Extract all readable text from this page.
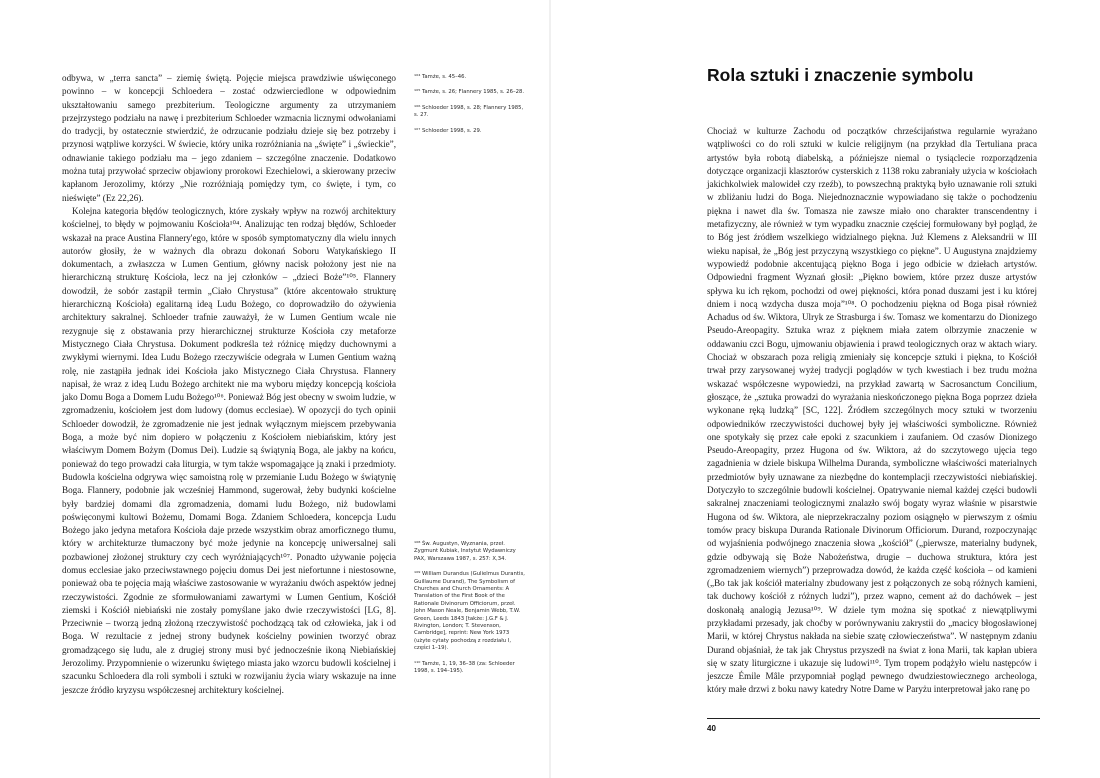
odbywa, w „terra sancta” – ziemię świętą. Pojęcie miejsca prawdziwie uświęconego powinno – w koncepcji Schloedera – zostać odzwierciedlone w odpowiednim ukształtowaniu samego prezbiterium. Teologiczne argumenty za utrzymaniem przejrzystego podziału na nawę i prezbiterium Schloeder wzmacnia licznymi odwołaniami do tradycji, by ostatecznie stwierdzić, że odrzucanie podziału dzieje się bez potrzeby i przynosi wątpliwe korzyści. W świecie, który unika rozróżniania na „święte” i „świeckie”, odnawianie takiego podziału ma – jego zdaniem – szczególne znaczenie. Dodatkowo można tutaj przywołać sprzeciw objawiony prorokowi Ezechielowi, a skierowany przeciw kapłanom Jerozolimy, którzy „Nie rozróżniają pomiędzy tym, co święte, i tym, co nieświęte” (Ez 22,26).

Kolejna kategoria błędów teologicznych, które zyskały wpływ na rozwój architektury kościelnej, to błędy w pojmowaniu Kościoła¹⁰⁴. Analizując ten rodzaj błędów, Schloeder wskazał na prace Austina Flannery'ego, które w sposób symptomatyczny dla wielu innych autorów głosiły, że w ważnych dla obrazu dokonań Soboru Watykańskiego II dokumentach, a zwłaszcza w Lumen Gentium, główny nacisk położony jest nie na hierarchiczną strukturę Kościoła, lecz na jej członków – „dzieci Boże”¹⁰⁵. Flannery dowodził, że sobór zastąpił termin „Ciało Chrystusa” (które akcentowało strukturę hierarchiczną Kościoła) egalitarną ideą Ludu Bożego, co doprowadziło do ożywienia architektury sakralnej. Schloeder trafnie zauważył, że w Lumen Gentium wcale nie rezygnuje się z obstawania przy hierarchicznej strukturze Kościoła czy metaforze Mistycznego Ciała Chrystusa. Dokument podkreśla też różnicę między duchownymi a zwykłymi wiernymi. Idea Ludu Bożego rzeczywiście odegrała w Lumen Gentium ważną rolę, nie zastąpiła jednak idei Kościoła jako Mistycznego Ciała Chrystusa. Flannery napisał, że wraz z ideą Ludu Bożego architekt nie ma wyboru między koncepcją kościoła jako Domu Boga a Domem Ludu Bożego¹⁰⁶. Ponieważ Bóg jest obecny w swoim ludzie, w zgromadzeniu, kościołem jest dom ludowy (domus ecclesiae). W opozycji do tych opinii Schloeder dowodził, że zgromadzenie nie jest jednak wyłącznym miejscem przebywania Boga, a może być nim dopiero w połączeniu z Kościołem niebiańskim, który jest właściwym Domem Bożym (Domus Dei). Ludzie są świątynią Boga, ale jakby na końcu, ponieważ do tego prowadzi cała liturgia, w tym także wspomagające ją znaki i przedmioty. Budowla kościelna odgrywa więc samoistną rolę w przemianie Ludu Bożego w świątynię Boga. Flannery, podobnie jak wcześniej Hammond, sugerował, żeby budynki kościelne były bardziej domami dla zgromadzenia, domami ludu Bożego, niż budowlami poświęconymi kultowi Bożemu, Domami Boga. Zdaniem Schloedera, koncepcja Ludu Bożego jako jedyna metafora Kościoła daje przede wszystkim obraz amorficznego tłumu, który w architekturze tłumaczony być może jedynie na koncepcję uniwersalnej sali pozbawionej złożonej struktury czy cech wyróżniających¹⁰⁷. Ponadto używanie pojęcia domus ecclesiae jako przeciwstawnego pojęciu domus Dei jest niefortunne i niestosowne, ponieważ oba te pojęcia mają właściwe zastosowanie w wyrażaniu dwóch aspektów jednej rzeczywistości. Zgodnie ze sformułowaniami zawartymi w Lumen Gentium, Kościół ziemski i Kościół niebiański nie zostały pomyślane jako dwie rzeczywistości [LG, 8]. Przeciwnie – tworzą jedną złożoną rzeczywistość pochodzącą tak od człowieka, jak i od Boga. W rezultacie z jednej strony budynek kościelny powinien tworzyć obraz gromadzącego się ludu, ale z drugiej strony musi być jednocześnie ikoną Niebiańskiej Jerozolimy. Przypomnienie o wizerunku świętego miasta jako wzorcu budowli kościelnej i szacunku Schloedera dla roli symboli i sztuki w rozwijaniu życia wiary wskazuje na inne jeszcze źródło kryzysu współczesnej architektury kościelnej.

¹⁰⁴ Tamże, s. 45–46.

¹⁰⁵ Tamże, s. 26; Flannery 1985, s. 26–28.

¹⁰⁶ Schloeder 1998, s. 28; Flannery 1985, s. 27.

¹⁰⁷ Schloeder 1998, s. 29.

¹⁰⁸ Św. Augustyn, Wyznania, przeł. Zygmunt Kubiak, Instytut Wydawniczy PAX, Warszawa 1987, s. 257: X,34.

¹⁰⁹ William Durandus (Gulielmus Durantis, Guillaume Durand), The Symbolism of Churches and Church Ornaments: A Translation of the First Book of the Rationale Divinorum Officiorum, przeł. John Mason Neale, Benjamin Webb, T.W. Green, Leeds 1843 [także: J.G.F & J. Rivington, London; T. Stevenson, Cambridge], reprint: New York 1973 (użyte cytaty pochodzą z rozdziału I, części 1–19).

¹¹⁰ Tamże, 1, 19, 36–38 (za: Schloeder 1998, s. 194–195).

Rola sztuki i znaczenie symbolu

Chociaż w kulturze Zachodu od początków chrześcijaństwa regularnie wyrażano wątpliwości co do roli sztuki w kulcie religijnym (na przykład dla Tertuliana praca artystów była robotą diabelską, a późniejsze niemal o tysiąclecie rozporządzenia dotyczące organizacji klasztorów cysterskich z 1138 roku zabraniały użycia w kościołach jakichkolwiek malowideł czy rzeźb), to powszechną praktyką było uznawanie roli sztuki w zbliżaniu ludzi do Boga. Niejednoznacznie wypowiadano się także o pochodzeniu piękna i nawet dla św. Tomasza nie zawsze miało ono charakter transcendentny i metafizyczny, ale również w tym wypadku znacznie częściej formułowany był pogląd, że to Bóg jest źródłem wszelkiego widzialnego piękna. Już Klemens z Aleksandrii w III wieku napisał, że „Bóg jest przyczyną wszystkiego co piękne”. U Augustyna znajdziemy wypowiedź podobnie akcentującą piękno Boga i jego odbicie w dziełach artystów. Odpowiedni fragment Wyznań głosił: „Piękno bowiem, które przez dusze artystów spływa ku ich rękom, pochodzi od owej piękności, która ponad duszami jest i ku której dniem i nocą wzdycha dusza moja”¹⁰⁸. O pochodzeniu piękna od Boga pisał również Achadus od św. Wiktora, Ulryk ze Strasburga i św. Tomasz we komentarzu do Dionizego Pseudo-Areopagity. Sztuka wraz z pięknem miała zatem olbrzymie znaczenie w oddawaniu czci Bogu, ujmowaniu objawienia i prawd teologicznych oraz w aktach wiary. Chociaż w obszarach poza religią zmieniały się koncepcje sztuki i piękna, to Kościół trwał przy zarysowanej wyżej tradycji poglądów w tych kwestiach i bez trudu można wskazać współczesne wypowiedzi, na przykład zawartą w Sacrosanctum Concilium, głoszące, że „sztuka prowadzi do wyrażania nieskończonego piękna Boga poprzez dzieła wykonane ręką ludzką” [SC, 122]. Źródłem szczególnych mocy sztuki w tworzeniu odpowiedników rzeczywistości duchowej były jej właściwości symboliczne. Również one spotykały się przez całe epoki z szacunkiem i zaufaniem. Od czasów Dionizego Pseudo-Areopagity, przez Hugona od św. Wiktora, aż do szczytowego ujęcia tego zagadnienia w dziele biskupa Wilhelma Duranda, symboliczne właściwości materialnych przedmiotów były uznawane za niezbędne do kontemplacji rzeczywistości niebiańskiej. Dotyczyło to szczególnie budowli kościelnej. Opatrywanie niemal każdej części budowli sakralnej znaczeniami teologicznymi znalazło swój bogaty wyraz właśnie w pisarstwie Hugona od św. Wiktora, ale nieprzekraczalny poziom osiągnęło w pierwszym z ośmiu tomów pracy biskupa Duranda Rationale Divinorum Officiorum. Durand, rozpoczynając od wyjaśnienia podwójnego znaczenia słowa „kościół” („pierwsze, materialny budynek, gdzie odbywają się Boże Nabożeństwa, drugie – duchowa struktura, która jest zgromadzeniem wiernych”) przeprowadza dowód, że każda część kościoła – od kamieni („Bo tak jak kościół materialny zbudowany jest z połączonych ze sobą różnych kamieni, tak duchowy kościół z różnych ludzi”), przez wapno, cement aż do dachówek – jest doskonałą analogią Jezusa¹⁰⁹. W dziele tym można się spotkać z niewątpliwymi przykładami przesady, jak choćby w porównywaniu zakrystii do „macicy błogosławionej Marii, w której Chrystus nakłada na siebie szatę człowieczeństwa”. W następnym zdaniu Durand objaśniał, że tak jak Chrystus przyszedł na świat z łona Marii, tak kapłan ubiera się w szaty liturgiczne i ukazuje się ludowi¹¹⁰. Tym tropem podążyło wielu następców i jeszcze Émile Mâle przypomniał pogląd pewnego dwudziestowiecznego archeologa, który małe drzwi z boku nawy katedry Notre Dame w Paryżu interpretował jako ranę po

40
